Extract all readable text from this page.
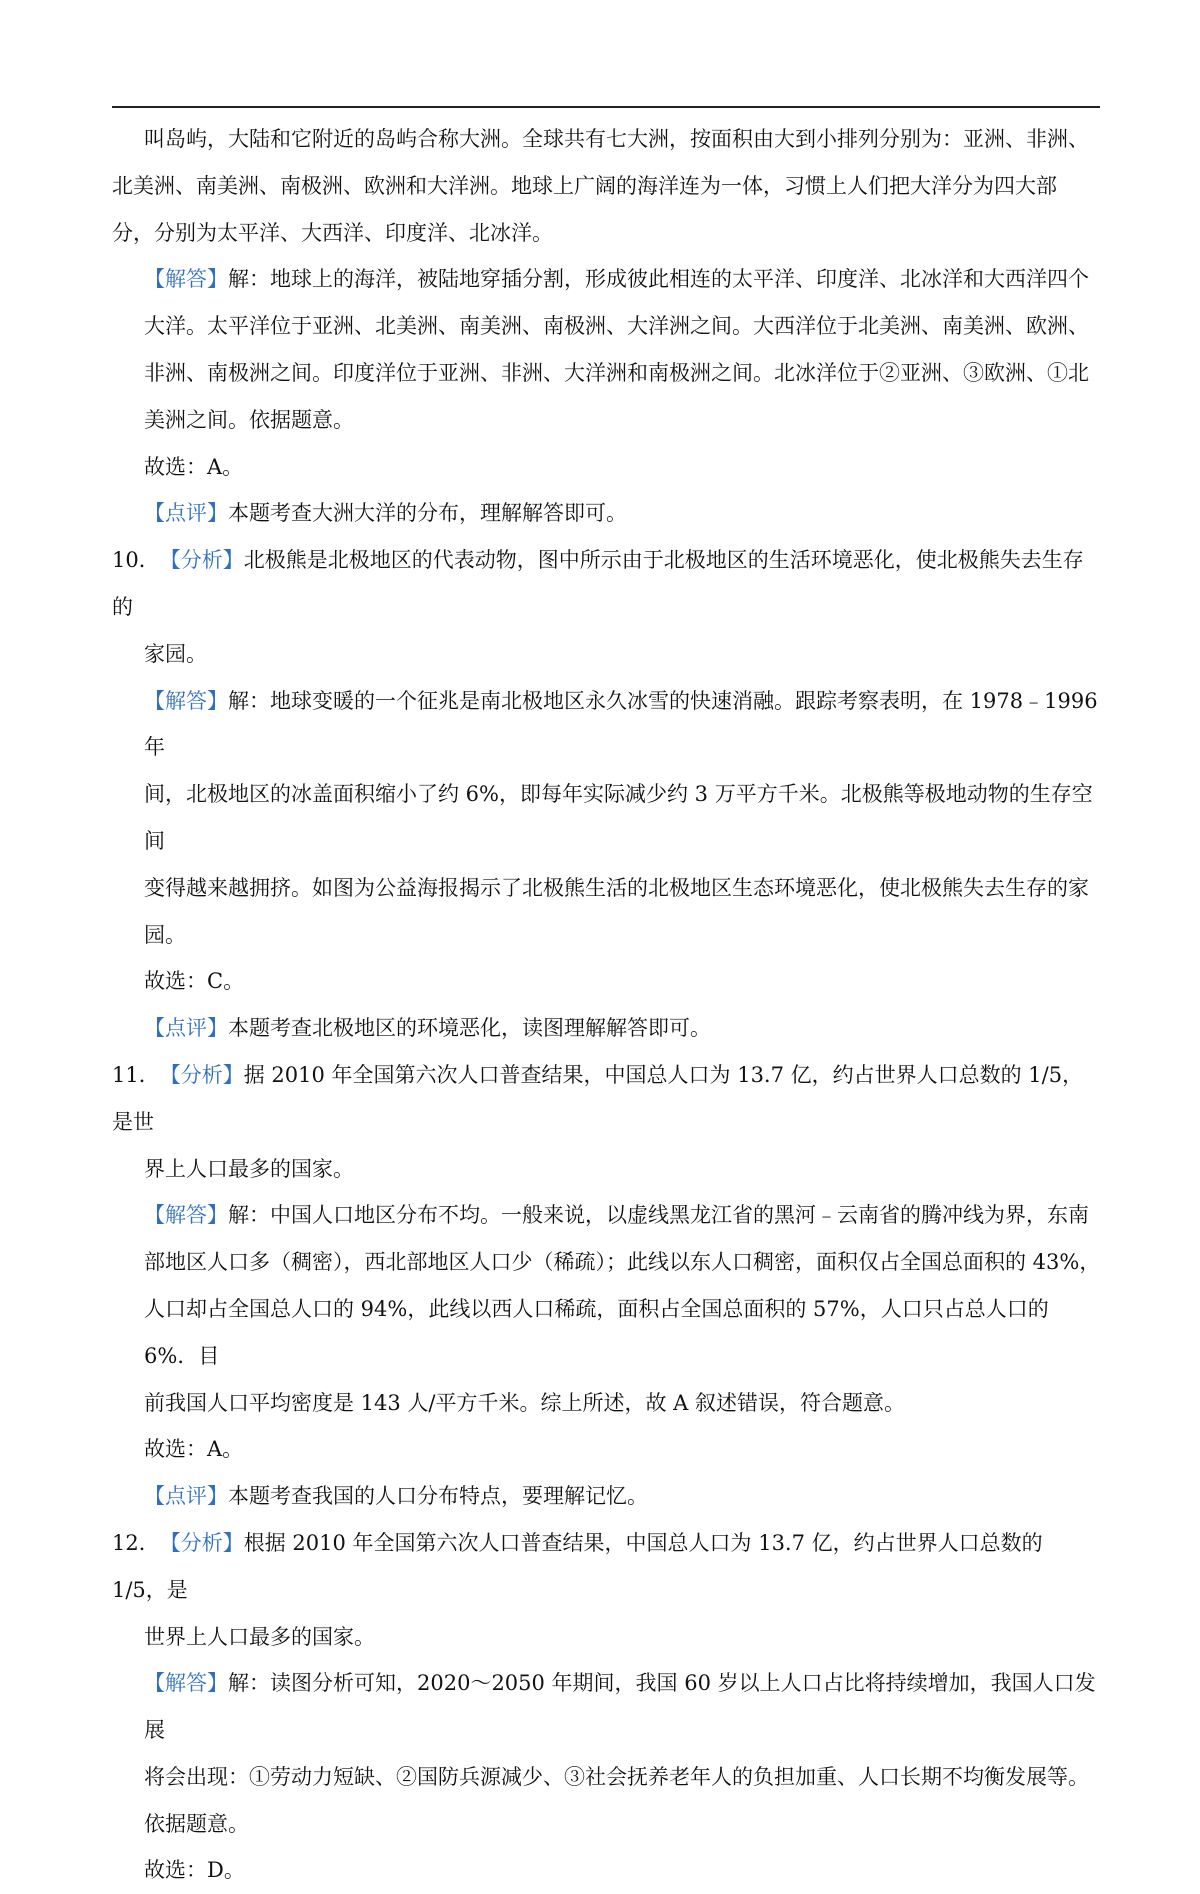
叫岛屿，大陆和它附近的岛屿合称大洲。全球共有七大洲，按面积由大到小排列分别为：亚洲、非洲、

北美洲、南美洲、南极洲、欧洲和大洋洲。地球上广阔的海洋连为一体，习惯上人们把大洋分为四大部

分，分别为太平洋、大西洋、印度洋、北冰洋。

【解答】解：地球上的海洋，被陆地穿插分割，形成彼此相连的太平洋、印度洋、北冰洋和大西洋四个

大洋。太平洋位于亚洲、北美洲、南美洲、南极洲、大洋洲之间。大西洋位于北美洲、南美洲、欧洲、

非洲、南极洲之间。印度洋位于亚洲、非洲、大洋洲和南极洲之间。北冰洋位于②亚洲、③欧洲、①北

美洲之间。依据题意。

故选：A。

【点评】本题考查大洲大洋的分布，理解解答即可。

10．【分析】北极熊是北极地区的代表动物，图中所示由于北极地区的生活环境恶化，使北极熊失去生存的

家园。

【解答】解：地球变暖的一个征兆是南北极地区永久冰雪的快速消融。跟踪考察表明，在 1978﹣1996 年

间，北极地区的冰盖面积缩小了约 6%，即每年实际减少约 3 万平方千米。北极熊等极地动物的生存空间

变得越来越拥挤。如图为公益海报揭示了北极熊生活的北极地区生态环境恶化，使北极熊失去生存的家

园。

故选：C。

【点评】本题考查北极地区的环境恶化，读图理解解答即可。

11．【分析】据 2010 年全国第六次人口普查结果，中国总人口为 13.7 亿，约占世界人口总数的 1/5，是世

界上人口最多的国家。

【解答】解：中国人口地区分布不均。一般来说，以虚线黑龙江省的黑河﹣云南省的腾冲线为界，东南

部地区人口多（稠密），西北部地区人口少（稀疏）；此线以东人口稠密，面积仅占全国总面积的 43%，

人口却占全国总人口的 94%，此线以西人口稀疏，面积占全国总面积的 57%，人口只占总人口的 6%．目

前我国人口平均密度是 143 人/平方千米。综上所述，故 A 叙述错误，符合题意。

故选：A。

【点评】本题考查我国的人口分布特点，要理解记忆。

12．【分析】根据 2010 年全国第六次人口普查结果，中国总人口为 13.7 亿，约占世界人口总数的 1/5，是

世界上人口最多的国家。

【解答】解：读图分析可知，2020～2050 年期间，我国 60 岁以上人口占比将持续增加，我国人口发展

将会出现：①劳动力短缺、②国防兵源减少、③社会抚养老年人的负担加重、人口长期不均衡发展等。

依据题意。

故选：D。
